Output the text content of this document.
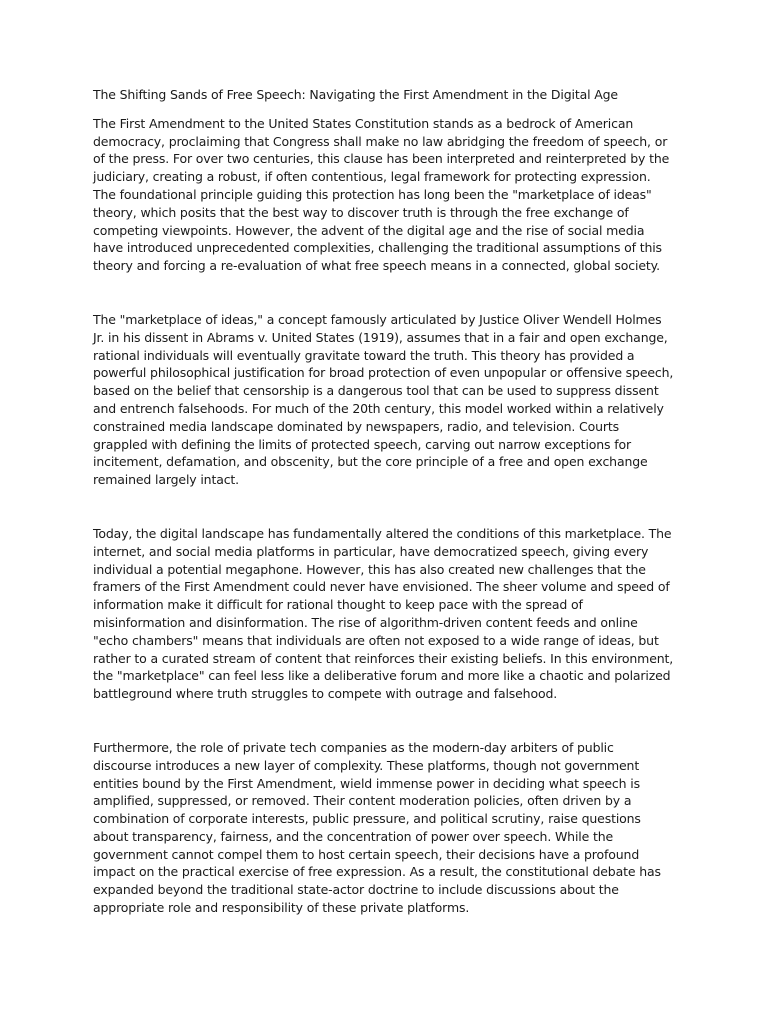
The Shifting Sands of Free Speech: Navigating the First Amendment in the Digital Age

The First Amendment to the United States Constitution stands as a bedrock of American democracy, proclaiming that Congress shall make no law abridging the freedom of speech, or of the press. For over two centuries, this clause has been interpreted and reinterpreted by the judiciary, creating a robust, if often contentious, legal framework for protecting expression. The foundational principle guiding this protection has long been the "marketplace of ideas" theory, which posits that the best way to discover truth is through the free exchange of competing viewpoints. However, the advent of the digital age and the rise of social media have introduced unprecedented complexities, challenging the traditional assumptions of this theory and forcing a re-evaluation of what free speech means in a connected, global society.

The "marketplace of ideas," a concept famously articulated by Justice Oliver Wendell Holmes Jr. in his dissent in Abrams v. United States (1919), assumes that in a fair and open exchange, rational individuals will eventually gravitate toward the truth. This theory has provided a powerful philosophical justification for broad protection of even unpopular or offensive speech, based on the belief that censorship is a dangerous tool that can be used to suppress dissent and entrench falsehoods. For much of the 20th century, this model worked within a relatively constrained media landscape dominated by newspapers, radio, and television. Courts grappled with defining the limits of protected speech, carving out narrow exceptions for incitement, defamation, and obscenity, but the core principle of a free and open exchange remained largely intact.

Today, the digital landscape has fundamentally altered the conditions of this marketplace. The internet, and social media platforms in particular, have democratized speech, giving every individual a potential megaphone. However, this has also created new challenges that the framers of the First Amendment could never have envisioned. The sheer volume and speed of information make it difficult for rational thought to keep pace with the spread of misinformation and disinformation. The rise of algorithm-driven content feeds and online "echo chambers" means that individuals are often not exposed to a wide range of ideas, but rather to a curated stream of content that reinforces their existing beliefs. In this environment, the "marketplace" can feel less like a deliberative forum and more like a chaotic and polarized battleground where truth struggles to compete with outrage and falsehood.

Furthermore, the role of private tech companies as the modern-day arbiters of public discourse introduces a new layer of complexity. These platforms, though not government entities bound by the First Amendment, wield immense power in deciding what speech is amplified, suppressed, or removed. Their content moderation policies, often driven by a combination of corporate interests, public pressure, and political scrutiny, raise questions about transparency, fairness, and the concentration of power over speech. While the government cannot compel them to host certain speech, their decisions have a profound impact on the practical exercise of free expression. As a result, the constitutional debate has expanded beyond the traditional state-actor doctrine to include discussions about the appropriate role and responsibility of these private platforms.
